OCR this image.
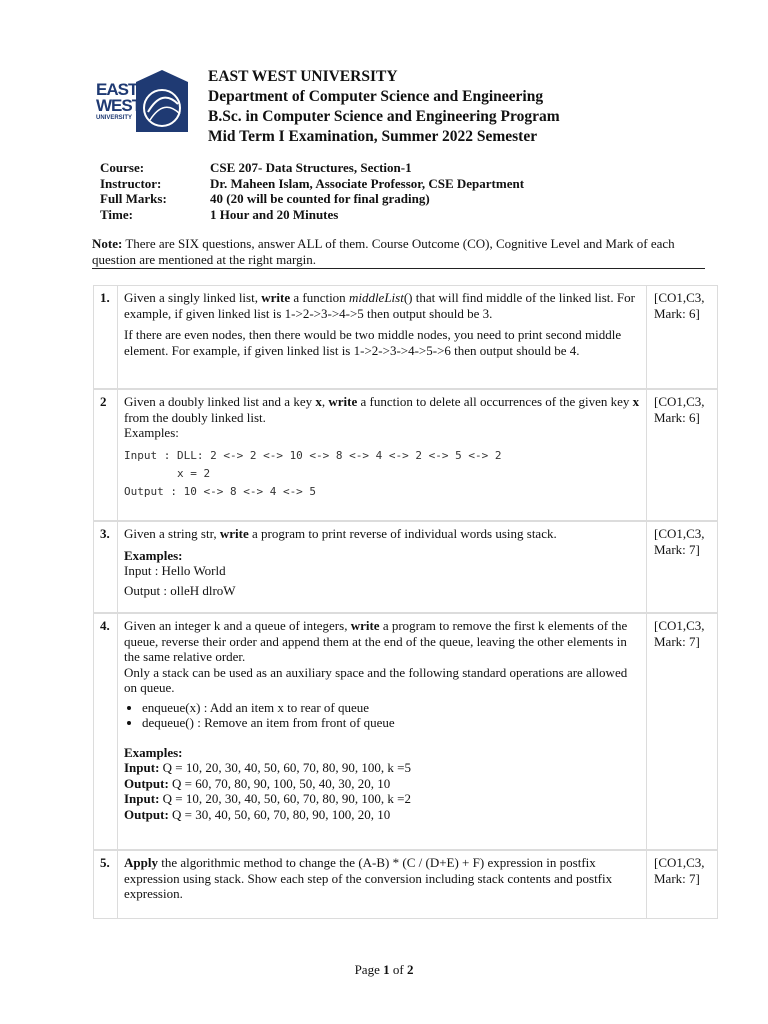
EAST
WEST
UNIVERSITY
EAST WEST UNIVERSITY
Department of Computer Science and Engineering
B.Sc. in Computer Science and Engineering Program
Mid Term I Examination, Summer 2022 Semester
Course:	CSE 207- Data Structures, Section-1
Instructor:	Dr. Maheen Islam, Associate Professor, CSE Department
Full Marks:	40 (20 will be counted for final grading)
Time:	1 Hour and 20 Minutes
Note: There are SIX questions, answer ALL of them. Course Outcome (CO), Cognitive Level and Mark of each question are mentioned at the right margin.
1. Given a singly linked list, write a function middleList() that will find middle of the linked list. For example, if given linked list is 1->2->3->4->5 then output should be 3.

If there are even nodes, then there would be two middle nodes, you need to print second middle element. For example, if given linked list is 1->2->3->4->5->6 then output should be 4.

[CO1,C3,
Mark: 6]
2 Given a doubly linked list and a key x, write a function to delete all occurrences of the given key x from the doubly linked list.

Examples:

Input : DLL: 2 <-> 2 <-> 10 <-> 8 <-> 4 <-> 2 <-> 5 <-> 2
x = 2
Output : 10 <-> 8 <-> 4 <-> 5
[CO1,C3,
Mark: 6]
3. Given a string str, write a program to print reverse of individual words using stack.

Examples:

Input : Hello World

Output : olleH dlroW

[CO1,C3,
Mark: 7]
4. Given an integer k and a queue of integers, write a program to remove the first k elements of the queue, reverse their order and append them at the end of the queue, leaving the other elements in the same relative order.

Only a stack can be used as an auxiliary space and the following standard operations are allowed on queue.

• enqueue(x) : Add an item x to rear of queue
• dequeue() : Remove an item from front of queue

Examples:

Input: Q = 10, 20, 30, 40, 50, 60, 70, 80, 90, 100, k =5

Output: Q = 60, 70, 80, 90, 100, 50, 40, 30, 20, 10

Input: Q = 10, 20, 30, 40, 50, 60, 70, 80, 90, 100, k =2

Output: Q = 30, 40, 50, 60, 70, 80, 90, 100, 20, 10

[CO1,C3,
Mark: 7]
5. Apply the algorithmic method to change the (A-B) * (C / (D+E) + F) expression in postfix expression using stack. Show each step of the conversion including stack contents and postfix expression.

[CO1,C3,
Mark: 7]
Page 1 of 2
